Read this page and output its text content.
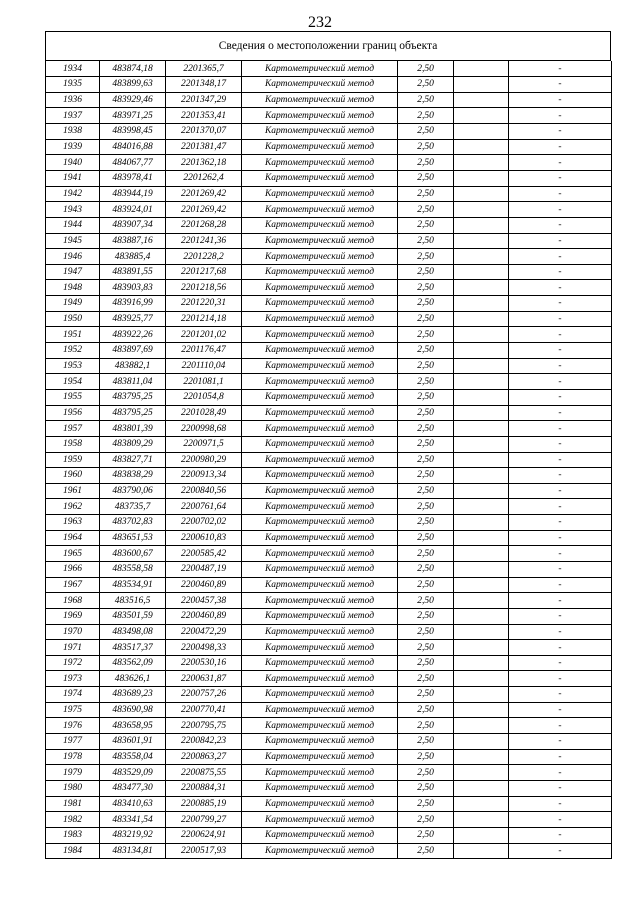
232
Сведения о местоположении границ объекта
1934	483874,18	2201365,7	Картометрический метод	2,50		-
1935	483899,63	2201348,17	Картометрический метод	2,50		-
1936	483929,46	2201347,29	Картометрический метод	2,50		-
1937	483971,25	2201353,41	Картометрический метод	2,50		-
1938	483998,45	2201370,07	Картометрический метод	2,50		-
1939	484016,88	2201381,47	Картометрический метод	2,50		-
1940	484067,77	2201362,18	Картометрический метод	2,50		-
1941	483978,41	2201262,4	Картометрический метод	2,50		-
1942	483944,19	2201269,42	Картометрический метод	2,50		-
1943	483924,01	2201269,42	Картометрический метод	2,50		-
1944	483907,34	2201268,28	Картометрический метод	2,50		-
1945	483887,16	2201241,36	Картометрический метод	2,50		-
1946	483885,4	2201228,2	Картометрический метод	2,50		-
1947	483891,55	2201217,68	Картометрический метод	2,50		-
1948	483903,83	2201218,56	Картометрический метод	2,50		-
1949	483916,99	2201220,31	Картометрический метод	2,50		-
1950	483925,77	2201214,18	Картометрический метод	2,50		-
1951	483922,26	2201201,02	Картометрический метод	2,50		-
1952	483897,69	2201176,47	Картометрический метод	2,50		-
1953	483882,1	2201110,04	Картометрический метод	2,50		-
1954	483811,04	2201081,1	Картометрический метод	2,50		-
1955	483795,25	2201054,8	Картометрический метод	2,50		-
1956	483795,25	2201028,49	Картометрический метод	2,50		-
1957	483801,39	2200998,68	Картометрический метод	2,50		-
1958	483809,29	2200971,5	Картометрический метод	2,50		-
1959	483827,71	2200980,29	Картометрический метод	2,50		-
1960	483838,29	2200913,34	Картометрический метод	2,50		-
1961	483790,06	2200840,56	Картометрический метод	2,50		-
1962	483735,7	2200761,64	Картометрический метод	2,50		-
1963	483702,83	2200702,02	Картометрический метод	2,50		-
1964	483651,53	2200610,83	Картометрический метод	2,50		-
1965	483600,67	2200585,42	Картометрический метод	2,50		-
1966	483558,58	2200487,19	Картометрический метод	2,50		-
1967	483534,91	2200460,89	Картометрический метод	2,50		-
1968	483516,5	2200457,38	Картометрический метод	2,50		-
1969	483501,59	2200460,89	Картометрический метод	2,50		-
1970	483498,08	2200472,29	Картометрический метод	2,50		-
1971	483517,37	2200498,33	Картометрический метод	2,50		-
1972	483562,09	2200530,16	Картометрический метод	2,50		-
1973	483626,1	2200631,87	Картометрический метод	2,50		-
1974	483689,23	2200757,26	Картометрический метод	2,50		-
1975	483690,98	2200770,41	Картометрический метод	2,50		-
1976	483658,95	2200795,75	Картометрический метод	2,50		-
1977	483601,91	2200842,23	Картометрический метод	2,50		-
1978	483558,04	2200863,27	Картометрический метод	2,50		-
1979	483529,09	2200875,55	Картометрический метод	2,50		-
1980	483477,30	2200884,31	Картометрический метод	2,50		-
1981	483410,63	2200885,19	Картометрический метод	2,50		-
1982	483341,54	2200799,27	Картометрический метод	2,50		-
1983	483219,92	2200624,91	Картометрический метод	2,50		-
1984	483134,81	2200517,93	Картометрический метод	2,50		-
